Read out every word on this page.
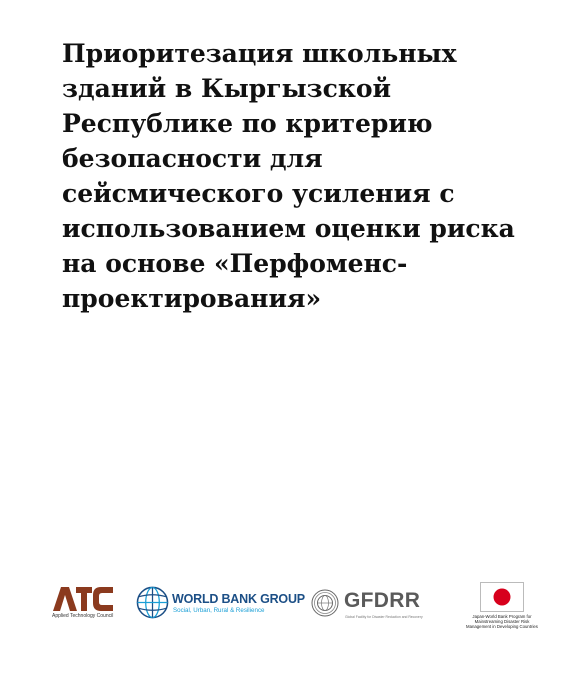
Приоритезация школьных
зданий в Кыргызской
Республике по критерию
безопасности для
сейсмического усиления с
использованием оценки риска
на основе «Перфоменс-
проектирования»
Applied Technology Council
WORLD BANK GROUP
Social, Urban, Rural & Resilience	GFDRR
Global Facility for Disaster Reduction and Recovery	Japan-World Bank Program for
Mainstreaming Disaster Risk
Management in Developing Countries
